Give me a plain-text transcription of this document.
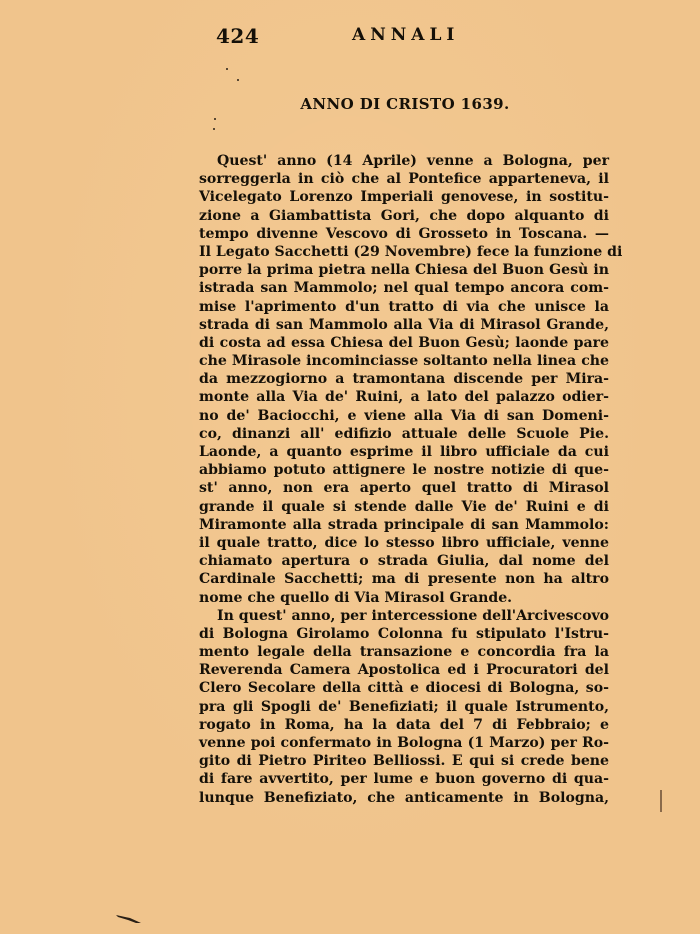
424	ANNALI
ANNO DI CRISTO 1639.
Quest' anno (14 Aprile) venne a Bologna, per
sorreggerla in ciò che al Pontefice apparteneva, il
Vicelegato Lorenzo Imperiali genovese, in sostitu-
zione a Giambattista Gori, che dopo alquanto di
tempo divenne Vescovo di Grosseto in Toscana. —
Il Legato Sacchetti (29 Novembre) fece la funzione di
porre la prima pietra nella Chiesa del Buon Gesù in
istrada san Mammolo; nel qual tempo ancora com-
mise l'aprimento d'un tratto di via che unisce la
strada di san Mammolo alla Via di Mirasol Grande,
di costa ad essa Chiesa del Buon Gesù; laonde pare
che Mirasole incominciasse soltanto nella linea che
da mezzogiorno a tramontana discende per Mira-
monte alla Via de' Ruini, a lato del palazzo odier-
no de' Baciocchi, e viene alla Via di san Domeni-
co, dinanzi all' edifizio attuale delle Scuole Pie.
Laonde, a quanto esprime il libro ufficiale da cui
abbiamo potuto attignere le nostre notizie di que-
st' anno, non era aperto quel tratto di Mirasol
grande il quale si stende dalle Vie de' Ruini e di
Miramonte alla strada principale di san Mammolo:
il quale tratto, dice lo stesso libro ufficiale, venne
chiamato apertura o strada Giulia, dal nome del
Cardinale Sacchetti; ma di presente non ha altro
nome che quello di Via Mirasol Grande.
In quest' anno, per intercessione dell'Arcivescovo
di Bologna Girolamo Colonna fu stipulato l'Istru-
mento legale della transazione e concordia fra la
Reverenda Camera Apostolica ed i Procuratori del
Clero Secolare della città e diocesi di Bologna, so-
pra gli Spogli de' Benefiziati; il quale Istrumento,
rogato in Roma, ha la data del 7 di Febbraio; e
venne poi confermato in Bologna (1 Marzo) per Ro-
gito di Pietro Piriteo Belliossi. E qui si crede bene
di fare avvertito, per lume e buon governo di qua-
lunque Benefiziato, che anticamente in Bologna,
